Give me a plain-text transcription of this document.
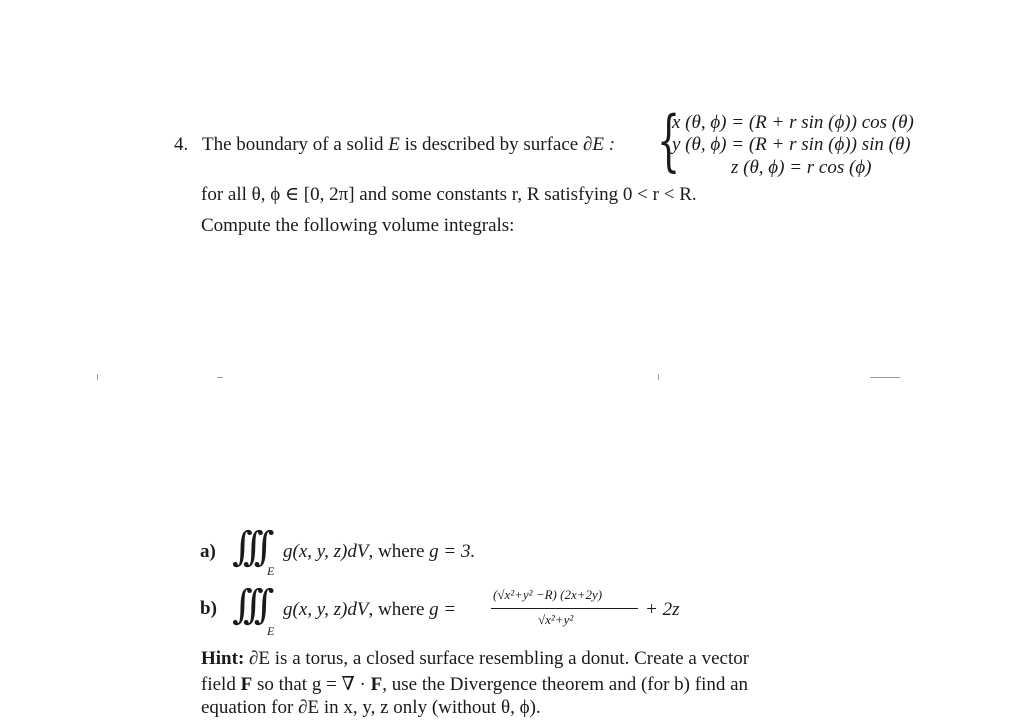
4. The boundary of a solid E is described by surface ∂E : {
x (θ, ϕ) = (R + r sin (ϕ)) cos (θ)
y (θ, ϕ) = (R + r sin (ϕ)) sin (θ)
z (θ, ϕ) = r cos (ϕ)
for all θ, ϕ ∈ [0, 2π] and some constants r, R satisfying 0 < r < R.
Compute the following volume integrals:
a) ∫∫∫
E
g(x, y, z)dV, where g = 3.
b) ∫∫∫
E
g(x, y, z)dV, where g =
(√x²+y² −R) (2x+2y)
√x²+y²	+ 2z
Hint: ∂E is a torus, a closed surface resembling a donut. Create a vector
field F so that g = ∇ · F, use the Divergence theorem and (for b) find an
equation for ∂E in x, y, z only (without θ, ϕ).
